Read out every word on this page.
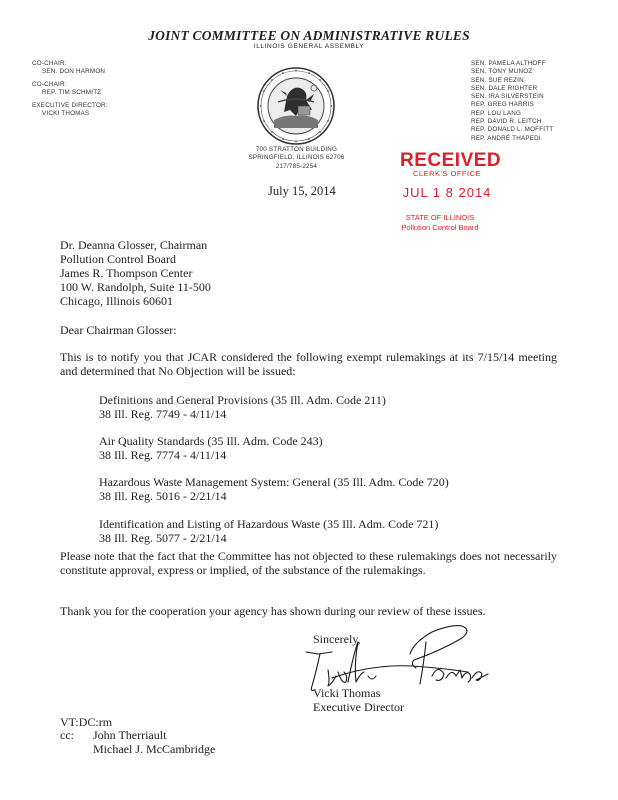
JOINT COMMITTEE ON ADMINISTRATIVE RULES
ILLINOIS GENERAL ASSEMBLY
CO-CHAIR:
SEN. DON HARMON
CO-CHAIR:
REP. TIM SCHMITZ
EXECUTIVE DIRECTOR:
VICKI THOMAS
SEN. PAMELA ALTHOFF
SEN. TONY MUNOZ
SEN. SUE REZIN
SEN. DALE RIGHTER
SEN. IRA SILVERSTEIN
REP. GREG HARRIS
REP. LOU LANG
REP. DAVID R. LEITCH
REP. DONALD L. MOFFITT
REP. ANDRÉ THAPEDI
700 STRATTON BUILDING
SPRINGFIELD, ILLINOIS 62706
217/785-2254
July 15, 2014
RECEIVED
CLERK'S OFFICE
JUL 1 8 2014
STATE OF ILLINOIS
Pollution Control Board
Dr. Deanna Glosser, Chairman
Pollution Control Board
James R. Thompson Center
100 W. Randolph, Suite 11-500
Chicago, Illinois 60601
Dear Chairman Glosser:
This is to notify you that JCAR considered the following exempt rulemakings at its 7/15/14 meeting and determined that No Objection will be issued:
Definitions and General Provisions (35 Ill. Adm. Code 211)
38 Ill. Reg. 7749 - 4/11/14
Air Quality Standards (35 Ill. Adm. Code 243)
38 Ill. Reg. 7774 - 4/11/14
Hazardous Waste Management System: General (35 Ill. Adm. Code 720)
38 Ill. Reg. 5016 - 2/21/14
Identification and Listing of Hazardous Waste (35 Ill. Adm. Code 721)
38 Ill. Reg. 5077 - 2/21/14
Please note that the fact that the Committee has not objected to these rulemakings does not necessarily constitute approval, express or implied, of the substance of the rulemakings.
Thank you for the cooperation your agency has shown during our review of these issues.
Sincerely,
Vicki Thomas
Executive Director
VT:DC:rm
cc: John Therriault
Michael J. McCambridge
